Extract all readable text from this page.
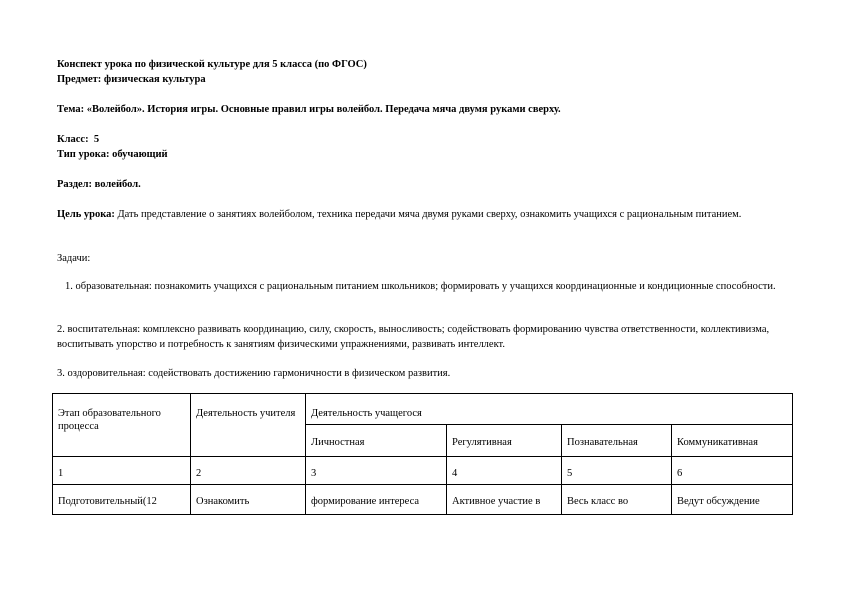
Конспект урока по физической культуре для 5 класса (по ФГОС)
Предмет: физическая культура
Тема: «Волейбол». История игры. Основные правил игры волейбол. Передача мяча двумя руками сверху.
Класс: 5
Тип урока: обучающий
Раздел: волейбол.
Цель урока: Дать представление о занятиях волейболом, техника передачи мяча двумя руками сверху, ознакомить учащихся с рациональным питанием.
Задачи:
1. образовательная: познакомить учащихся с рациональным питанием школьников; формировать у учащихся координационные и кондиционные способности.
2. воспитательная: комплексно развивать координацию, силу, скорость, выносливость; содействовать формированию чувства ответственности, коллективизма, воспитывать упорство и потребность к занятиям физическими упражнениями, развивать интеллект.
3. оздоровительная: содействовать достижению гармоничности в физическом развития.
Этап образовательного процесса	Деятельность учителя	Деятельность учащегося			
		Личностная	Регулятивная	Познавательная	Коммуникативная
1	2	3	4	5	6
Подготовительный(12	Ознакомить	формирование интереса	Активное участие в	Весь класс во	Ведут обсуждение
